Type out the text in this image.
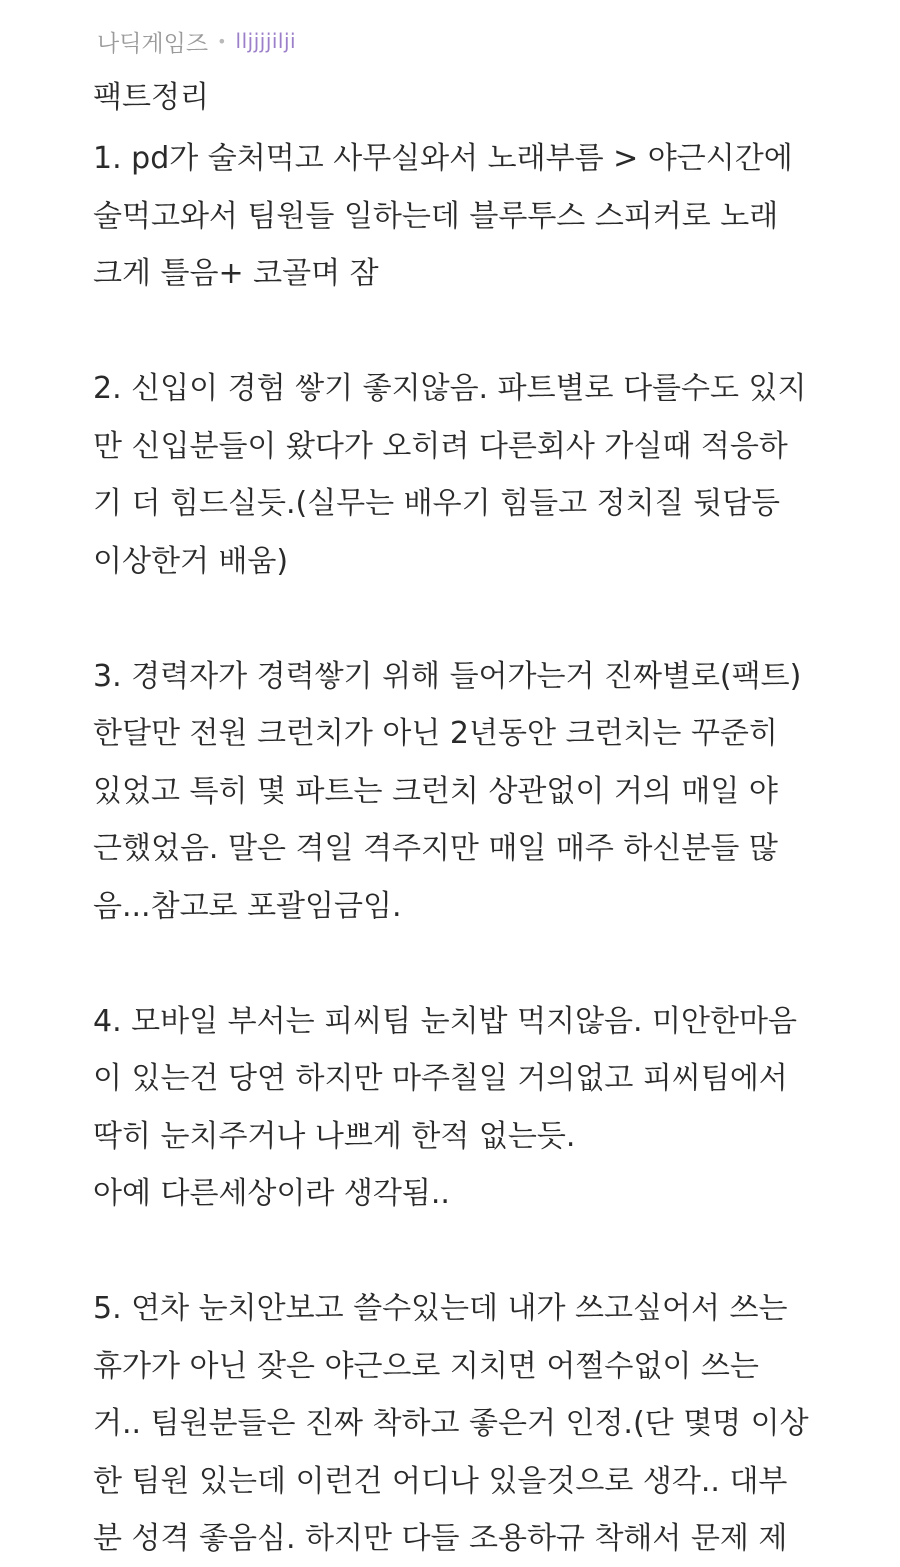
나딕게임즈 • lljjjjilji
팩트정리
1. pd가 술처먹고 사무실와서 노래부름 > 야근시간에
술먹고와서 팀원들 일하는데 블루투스 스피커로 노래
크게 틀음+ 코골며 잠
2. 신입이 경험 쌓기 좋지않음. 파트별로 다를수도 있지
만 신입분들이 왔다가 오히려 다른회사 가실때 적응하
기 더 힘드실듯.(실무는 배우기 힘들고 정치질 뒷담등
이상한거 배움)
3. 경력자가 경력쌓기 위해 들어가는거 진짜별로(팩트)
한달만 전원 크런치가 아닌 2년동안 크런치는 꾸준히
있었고 특히 몇 파트는 크런치 상관없이 거의 매일 야
근했었음. 말은 격일 격주지만 매일 매주 하신분들 많
음...참고로 포괄임금임.
4. 모바일 부서는 피씨팀 눈치밥 먹지않음. 미안한마음
이 있는건 당연 하지만 마주칠일 거의없고 피씨팀에서
딱히 눈치주거나 나쁘게 한적 없는듯.
아예 다른세상이라 생각됨..
5. 연차 눈치안보고 쓸수있는데 내가 쓰고싶어서 쓰는
휴가가 아닌 잦은 야근으로 지치면 어쩔수없이 쓰는
거.. 팀원분들은 진짜 착하고 좋은거 인정.(단 몇명 이상
한 팀원 있는데 이런건 어디나 있을것으로 생각.. 대부
분 성격 좋음심. 하지만 다들 조용하규 착해서 문제 제
